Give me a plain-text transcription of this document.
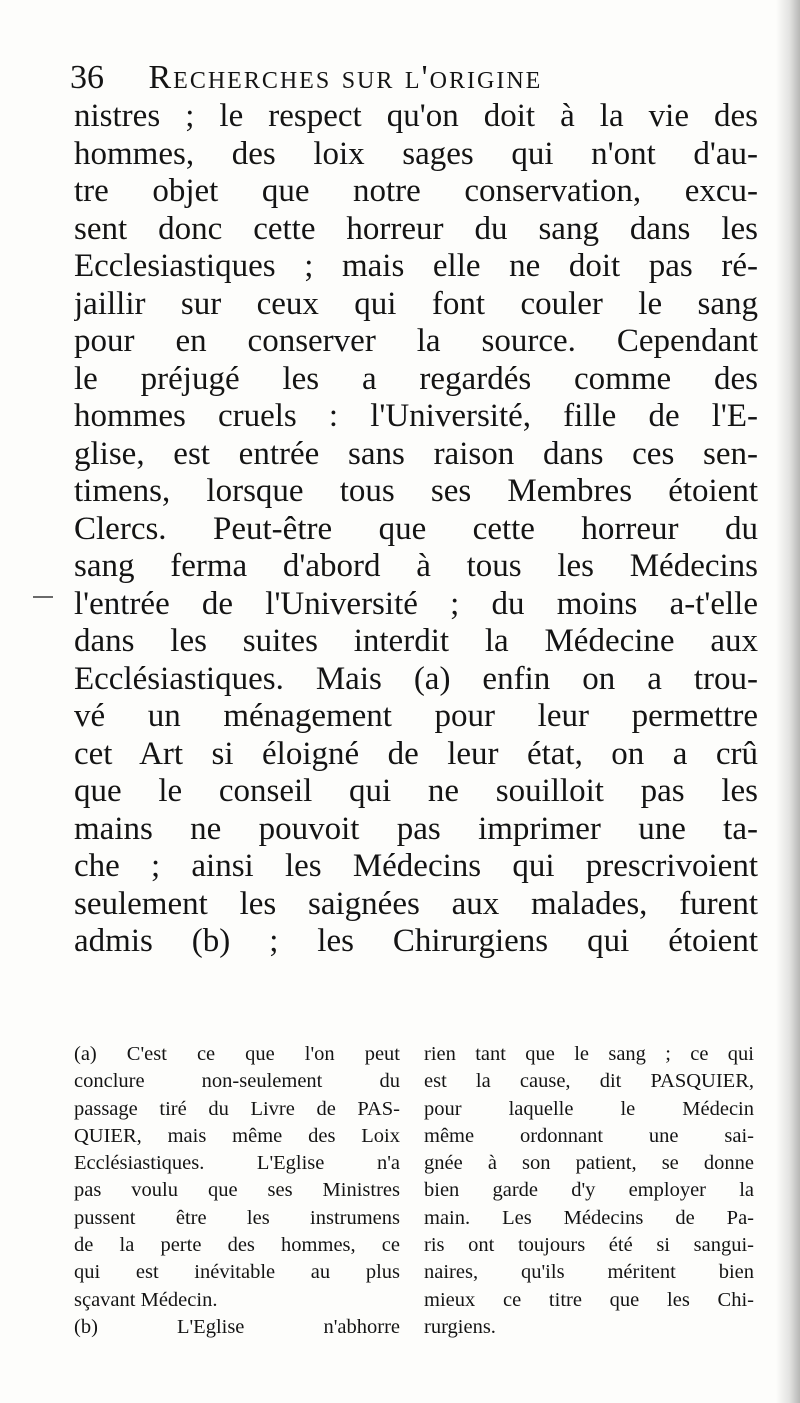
36 Recherches sur l'origine
nistres ; le respect qu'on doit à la vie des
hommes, des loix sages qui n'ont d'au-
tre objet que notre conservation, excu-
sent donc cette horreur du sang dans les
Ecclesiastiques ; mais elle ne doit pas ré-
jaillir sur ceux qui font couler le sang
pour en conserver la source. Cependant
le préjugé les a regardés comme des
hommes cruels : l'Université, fille de l'E-
glise, est entrée sans raison dans ces sen-
timens, lorsque tous ses Membres étoient
Clercs. Peut-être que cette horreur du
sang ferma d'abord à tous les Médecins
l'entrée de l'Université ; du moins a-t'elle
dans les suites interdit la Médecine aux
Ecclésiastiques. Mais (a) enfin on a trou-
vé un ménagement pour leur permettre
cet Art si éloigné de leur état, on a crû
que le conseil qui ne souilloit pas les
mains ne pouvoit pas imprimer une ta-
che ; ainsi les Médecins qui prescrivoient
seulement les saignées aux malades, furent
admis (b) ; les Chirurgiens qui étoient
(a) C'est ce que l'on peut
conclure non-seulement du
passage tiré du Livre de PAS-
QUIER, mais même des Loix
Ecclésiastiques. L'Eglise n'a
pas voulu que ses Ministres
pussent être les instrumens
de la perte des hommes, ce
qui est inévitable au plus
sçavant Médecin.
(b) L'Eglise n'abhorre
rien tant que le sang ; ce qui
est la cause, dit PASQUIER,
pour laquelle le Médecin
même ordonnant une sai-
gnée à son patient, se donne
bien garde d'y employer la
main. Les Médecins de Pa-
ris ont toujours été si sangui-
naires, qu'ils méritent bien
mieux ce titre que les Chi-
rurgiens.
